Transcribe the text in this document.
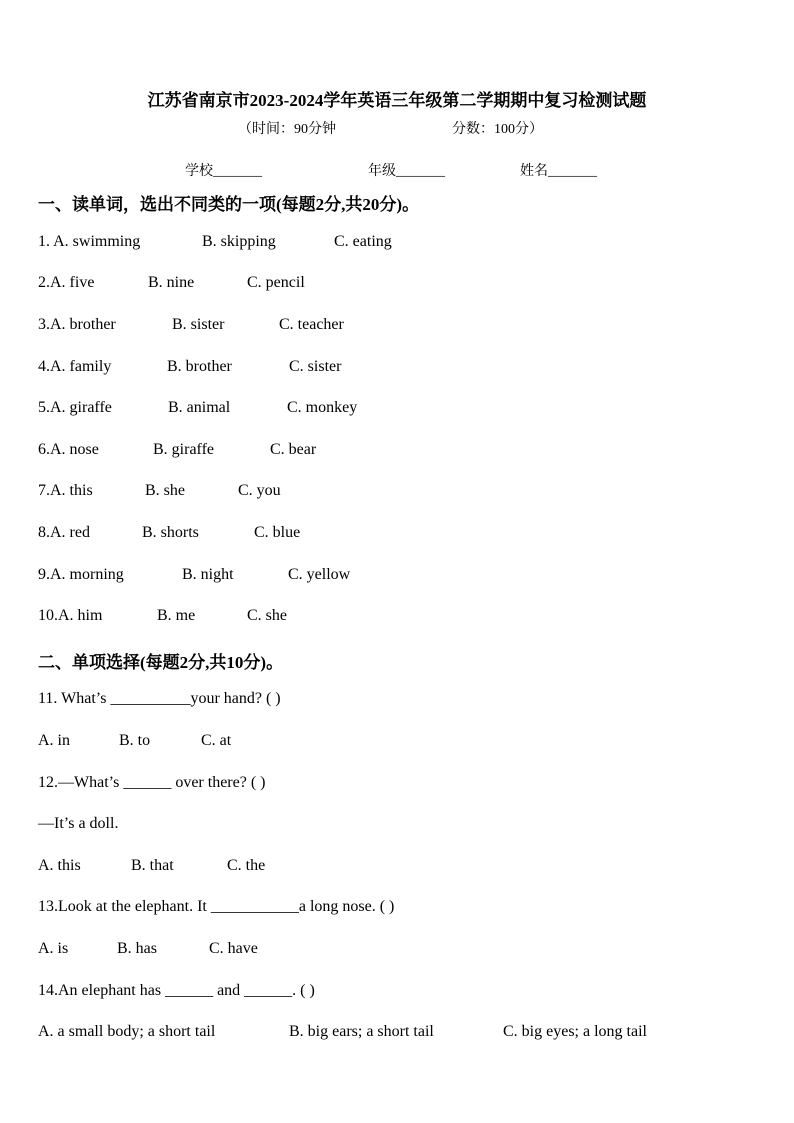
江苏省南京市2023-2024学年英语三年级第二学期期中复习检测试题
（时间：90分钟	分数：100分）
学校_______	年级_______	姓名_______
一、读单词，选出不同类的一项(每题2分,共20分)。
1. A. swimming	B. skipping	C. eating
2.A. five	B. nine	C. pencil
3.A. brother	B. sister	C. teacher
4.A. family	B. brother	C. sister
5.A. giraffe	B. animal	C. monkey
6.A. nose	B. giraffe	C. bear
7.A. this	B. she	C. you
8.A. red	B. shorts	C. blue
9.A. morning	B. night	C. yellow
10.A. him	B. me	C. she
二、单项选择(每题2分,共10分)。
11. What’s __________your hand? ( )
A. in	B. to	C. at
12.—What’s ______ over there? ( )
—It’s a doll.
A. this	B. that	C. the
13.Look at the elephant. It ___________a long nose. ( )
A. is	B. has	C. have
14.An elephant has ______ and ______. ( )
A. a small body; a short tail	B. big ears; a short tail	C. big eyes; a long tail
